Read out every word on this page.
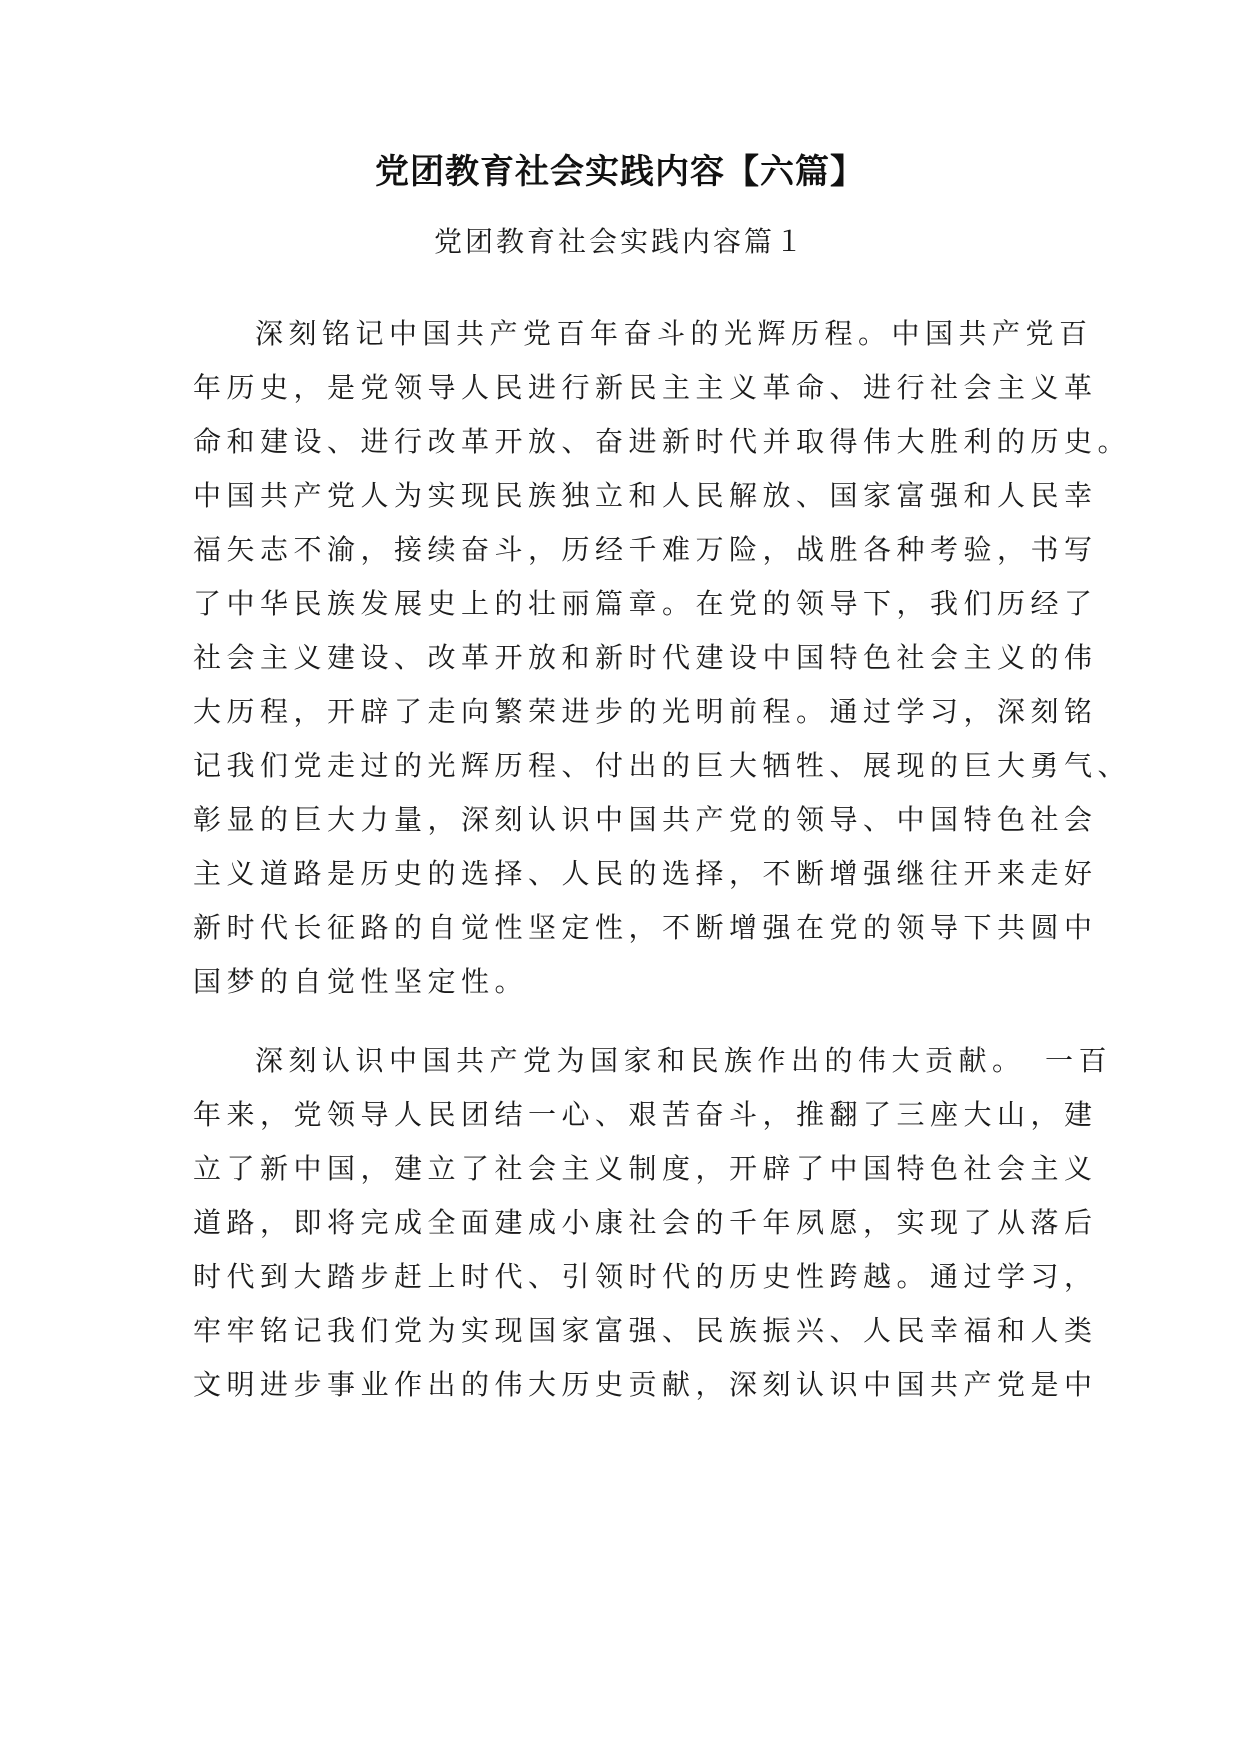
党团教育社会实践内容【六篇】
党团教育社会实践内容篇１

深刻铭记中国共产党百年奋斗的光辉历程。中国共产党百
年历史，是党领导人民进行新民主主义革命、进行社会主义革
命和建设、进行改革开放、奋进新时代并取得伟大胜利的历史。
中国共产党人为实现民族独立和人民解放、国家富强和人民幸
福矢志不渝，接续奋斗，历经千难万险，战胜各种考验，书写
了中华民族发展史上的壮丽篇章。在党的领导下，我们历经了
社会主义建设、改革开放和新时代建设中国特色社会主义的伟
大历程，开辟了走向繁荣进步的光明前程。通过学习，深刻铭
记我们党走过的光辉历程、付出的巨大牺牲、展现的巨大勇气、
彰显的巨大力量，深刻认识中国共产党的领导、中国特色社会
主义道路是历史的选择、人民的选择，不断增强继往开来走好
新时代长征路的自觉性坚定性，不断增强在党的领导下共圆中
国梦的自觉性坚定性。

深刻认识中国共产党为国家和民族作出的伟大贡献。　一百
年来，党领导人民团结一心、艰苦奋斗，推翻了三座大山，建
立了新中国，建立了社会主义制度，开辟了中国特色社会主义
道路，即将完成全面建成小康社会的千年夙愿，实现了从落后
时代到大踏步赶上时代、引领时代的历史性跨越。通过学习，
牢牢铭记我们党为实现国家富强、民族振兴、人民幸福和人类
文明进步事业作出的伟大历史贡献，深刻认识中国共产党是中
